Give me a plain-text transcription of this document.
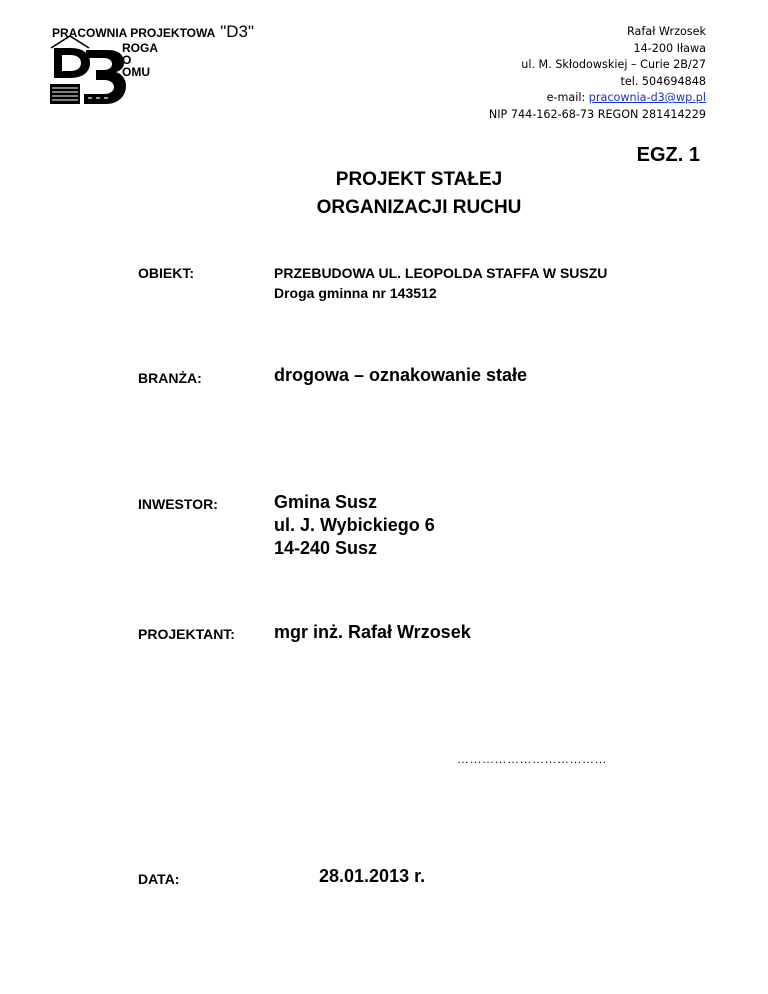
PRACOWNIA PROJEKTOWA "D3"
ROGA
O
OMU
Rafał Wrzosek
14-200 Iława
ul. M. Skłodowskiej – Curie 2B/27
tel. 504694848
e-mail: pracownia-d3@wp.pl
NIP 744-162-68-73 REGON 281414229
EGZ. 1
PROJEKT STAŁEJ
ORGANIZACJI RUCHU
OBIEKT:	PRZEBUDOWA UL. LEOPOLDA STAFFA W SUSZU
Droga gminna nr 143512
BRANŻA:	drogowa – oznakowanie stałe
INWESTOR:	Gmina Susz
ul. J. Wybickiego 6
14-240 Susz
PROJEKTANT: mgr inż. Rafał Wrzosek
………………………………
DATA:	28.01.2013 r.
